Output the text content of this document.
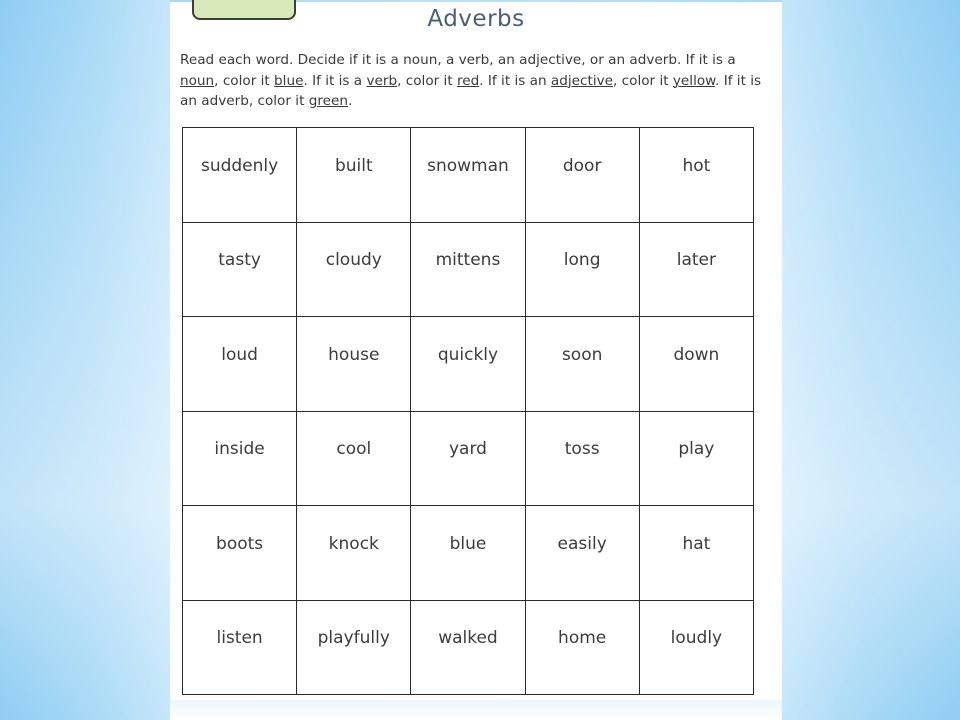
Adverbs
Read each word. Decide if it is a noun, a verb, an adjective, or an adverb. If it is a noun, color it blue. If it is a verb, color it red. If it is an adjective, color it yellow. If it is an adverb, color it green.
suddenly	built	snowman	door	hot
tasty	cloudy	mittens	long	later
loud	house	quickly	soon	down
inside	cool	yard	toss	play
boots	knock	blue	easily	hat
listen	playfully	walked	home	loudly
